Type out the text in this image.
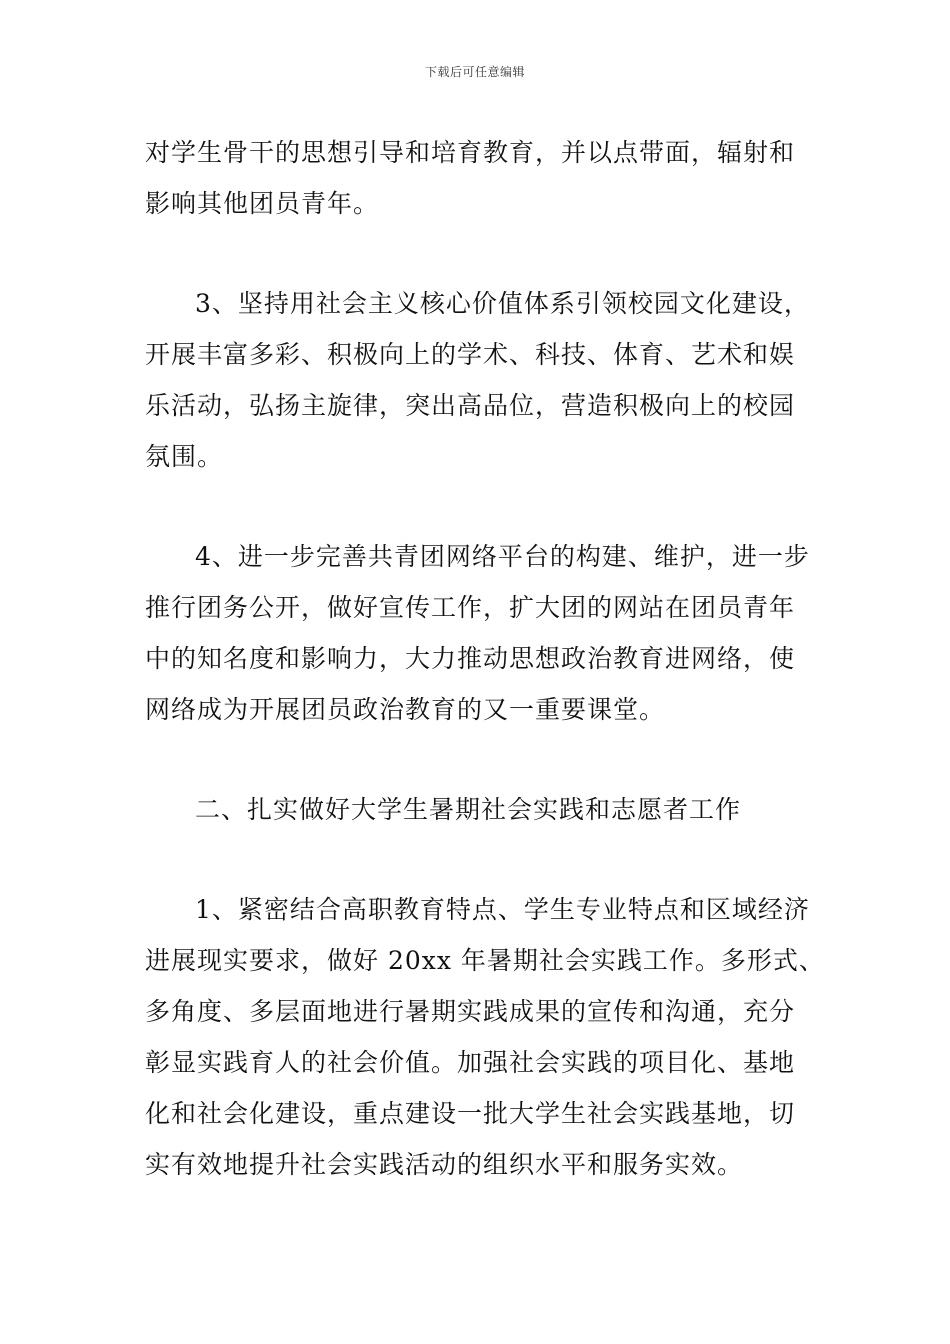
下载后可任意编辑
对学生骨干的思想引导和培育教育，并以点带面，辐射和
影响其他团员青年。
3、坚持用社会主义核心价值体系引领校园文化建设，
开展丰富多彩、积极向上的学术、科技、体育、艺术和娱
乐活动，弘扬主旋律，突出高品位，营造积极向上的校园
氛围。
4、进一步完善共青团网络平台的构建、维护，进一步
推行团务公开，做好宣传工作，扩大团的网站在团员青年
中的知名度和影响力，大力推动思想政治教育进网络，使
网络成为开展团员政治教育的又一重要课堂。
二、扎实做好大学生暑期社会实践和志愿者工作
1、紧密结合高职教育特点、学生专业特点和区域经济
进展现实要求，做好 20xx 年暑期社会实践工作。多形式、
多角度、多层面地进行暑期实践成果的宣传和沟通，充分
彰显实践育人的社会价值。加强社会实践的项目化、基地
化和社会化建设，重点建设一批大学生社会实践基地，切
实有效地提升社会实践活动的组织水平和服务实效。
